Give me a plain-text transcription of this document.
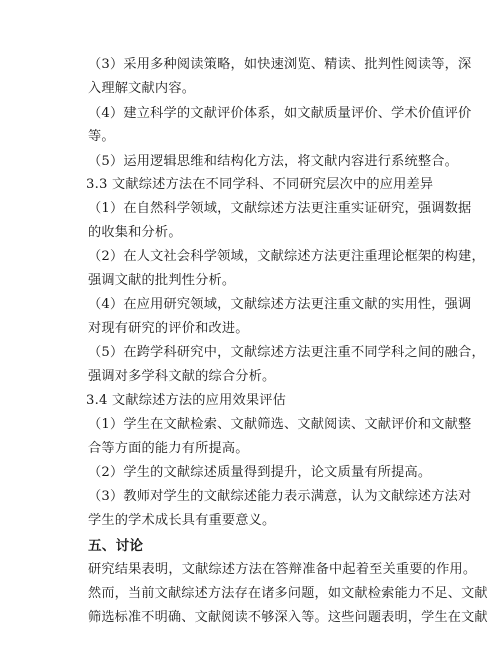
（3）采用多种阅读策略，如快速浏览、精读、批判性阅读等，深
入理解文献内容。
（4）建立科学的文献评价体系，如文献质量评价、学术价值评价
等。
（5）运用逻辑思维和结构化方法，将文献内容进行系统整合。
3.3 文献综述方法在不同学科、不同研究层次中的应用差异
（1）在自然科学领域，文献综述方法更注重实证研究，强调数据
的收集和分析。
（2）在人文社会科学领域，文献综述方法更注重理论框架的构建，
强调文献的批判性分析。
（4）在应用研究领域，文献综述方法更注重文献的实用性，强调
对现有研究的评价和改进。
（5）在跨学科研究中，文献综述方法更注重不同学科之间的融合，
强调对多学科文献的综合分析。
3.4 文献综述方法的应用效果评估
（1）学生在文献检索、文献筛选、文献阅读、文献评价和文献整
合等方面的能力有所提高。
（2）学生的文献综述质量得到提升，论文质量有所提高。
（3）教师对学生的文献综述能力表示满意，认为文献综述方法对
学生的学术成长具有重要意义。
五、讨论
研究结果表明，文献综述方法在答辩准备中起着至关重要的作用。
然而，当前文献综述方法存在诸多问题，如文献检索能力不足、文献
筛选标准不明确、文献阅读不够深入等。这些问题表明，学生在文献
